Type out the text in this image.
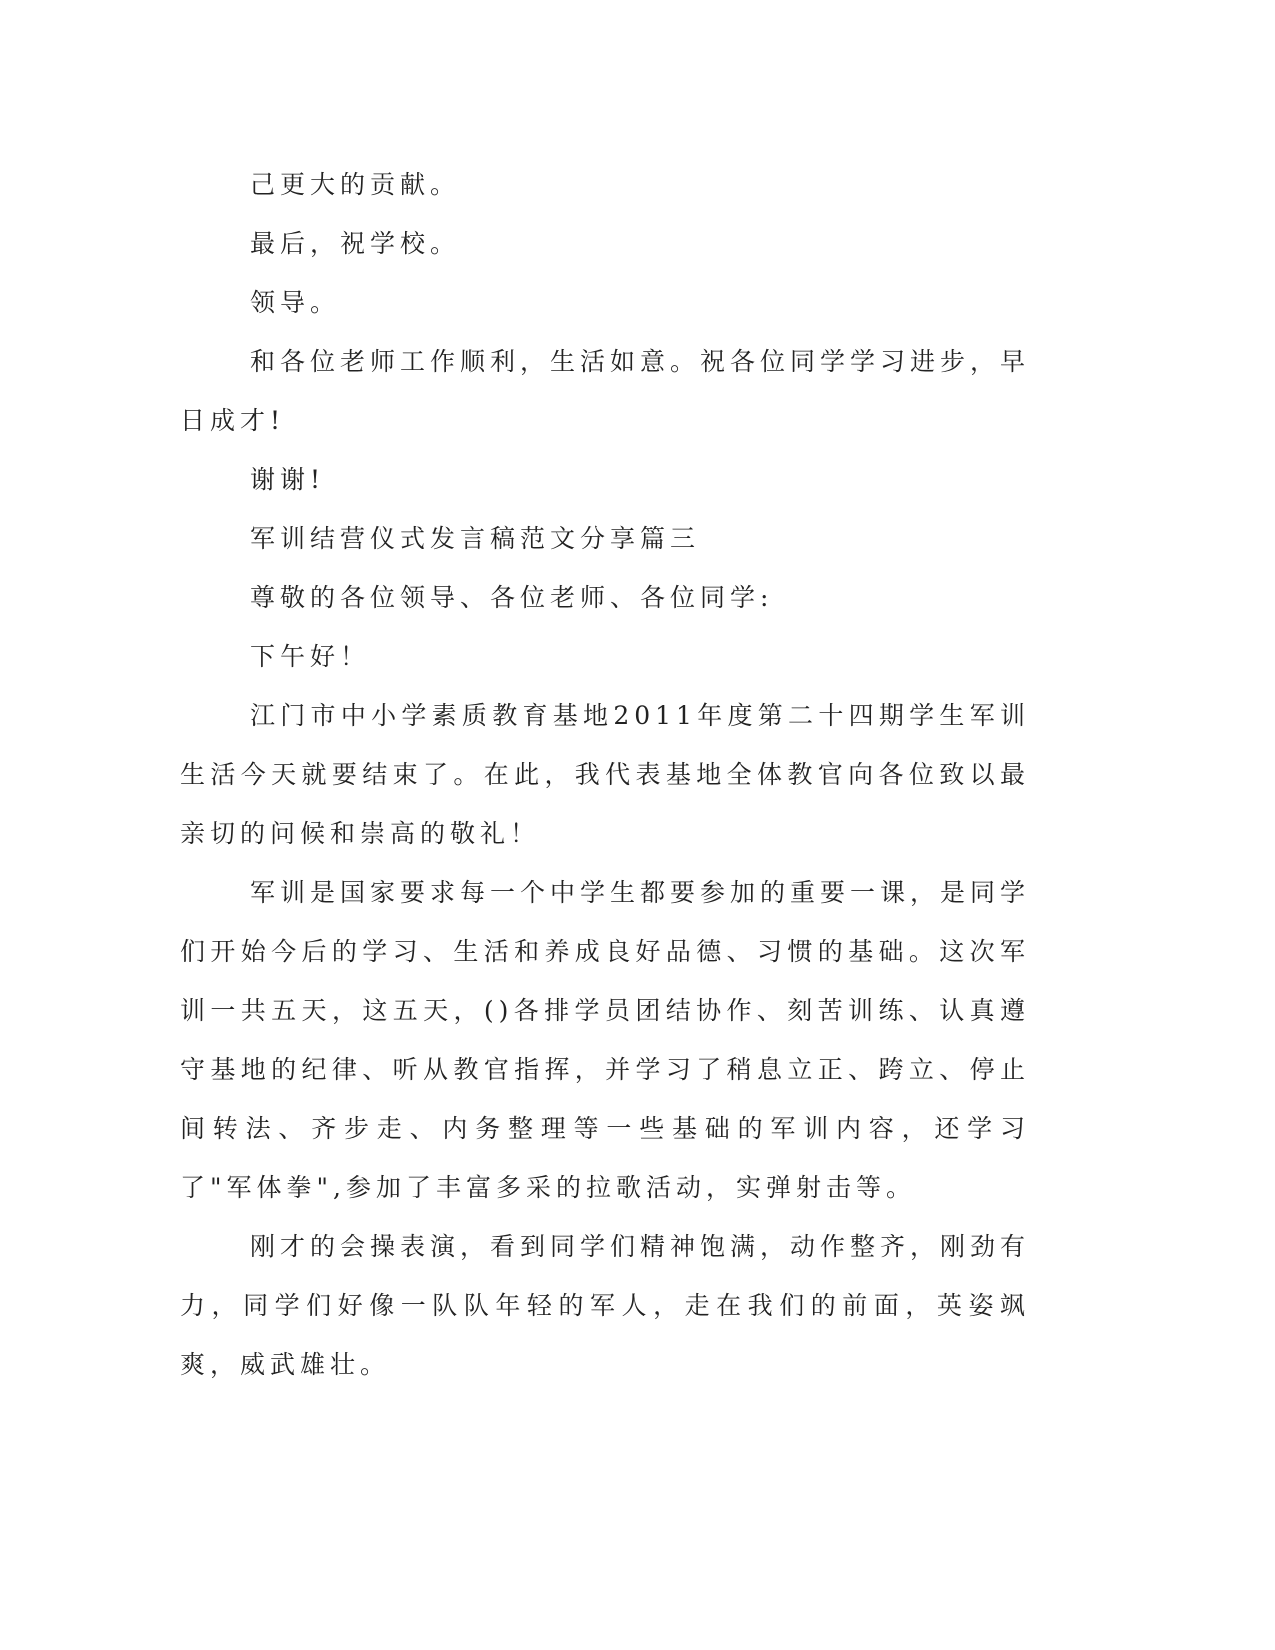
己更大的贡献。

最后，祝学校。

领导。

和各位老师工作顺利，生活如意。祝各位同学学习进步，早日成才!

谢谢!

军训结营仪式发言稿范文分享篇三

尊敬的各位领导、各位老师、各位同学:

下午好！

江门市中小学素质教育基地2011年度第二十四期学生军训生活今天就要结束了。在此，我代表基地全体教官向各位致以最亲切的问候和崇高的敬礼！

军训是国家要求每一个中学生都要参加的重要一课，是同学们开始今后的学习、生活和养成良好品德、习惯的基础。这次军训一共五天，这五天，()各排学员团结协作、刻苦训练、认真遵守基地的纪律、听从教官指挥，并学习了稍息立正、跨立、停止间转法、齐步走、内务整理等一些基础的军训内容，还学习了"军体拳",参加了丰富多采的拉歌活动，实弹射击等。

刚才的会操表演，看到同学们精神饱满，动作整齐，刚劲有力，同学们好像一队队年轻的军人，走在我们的前面，英姿飒爽，威武雄壮。
